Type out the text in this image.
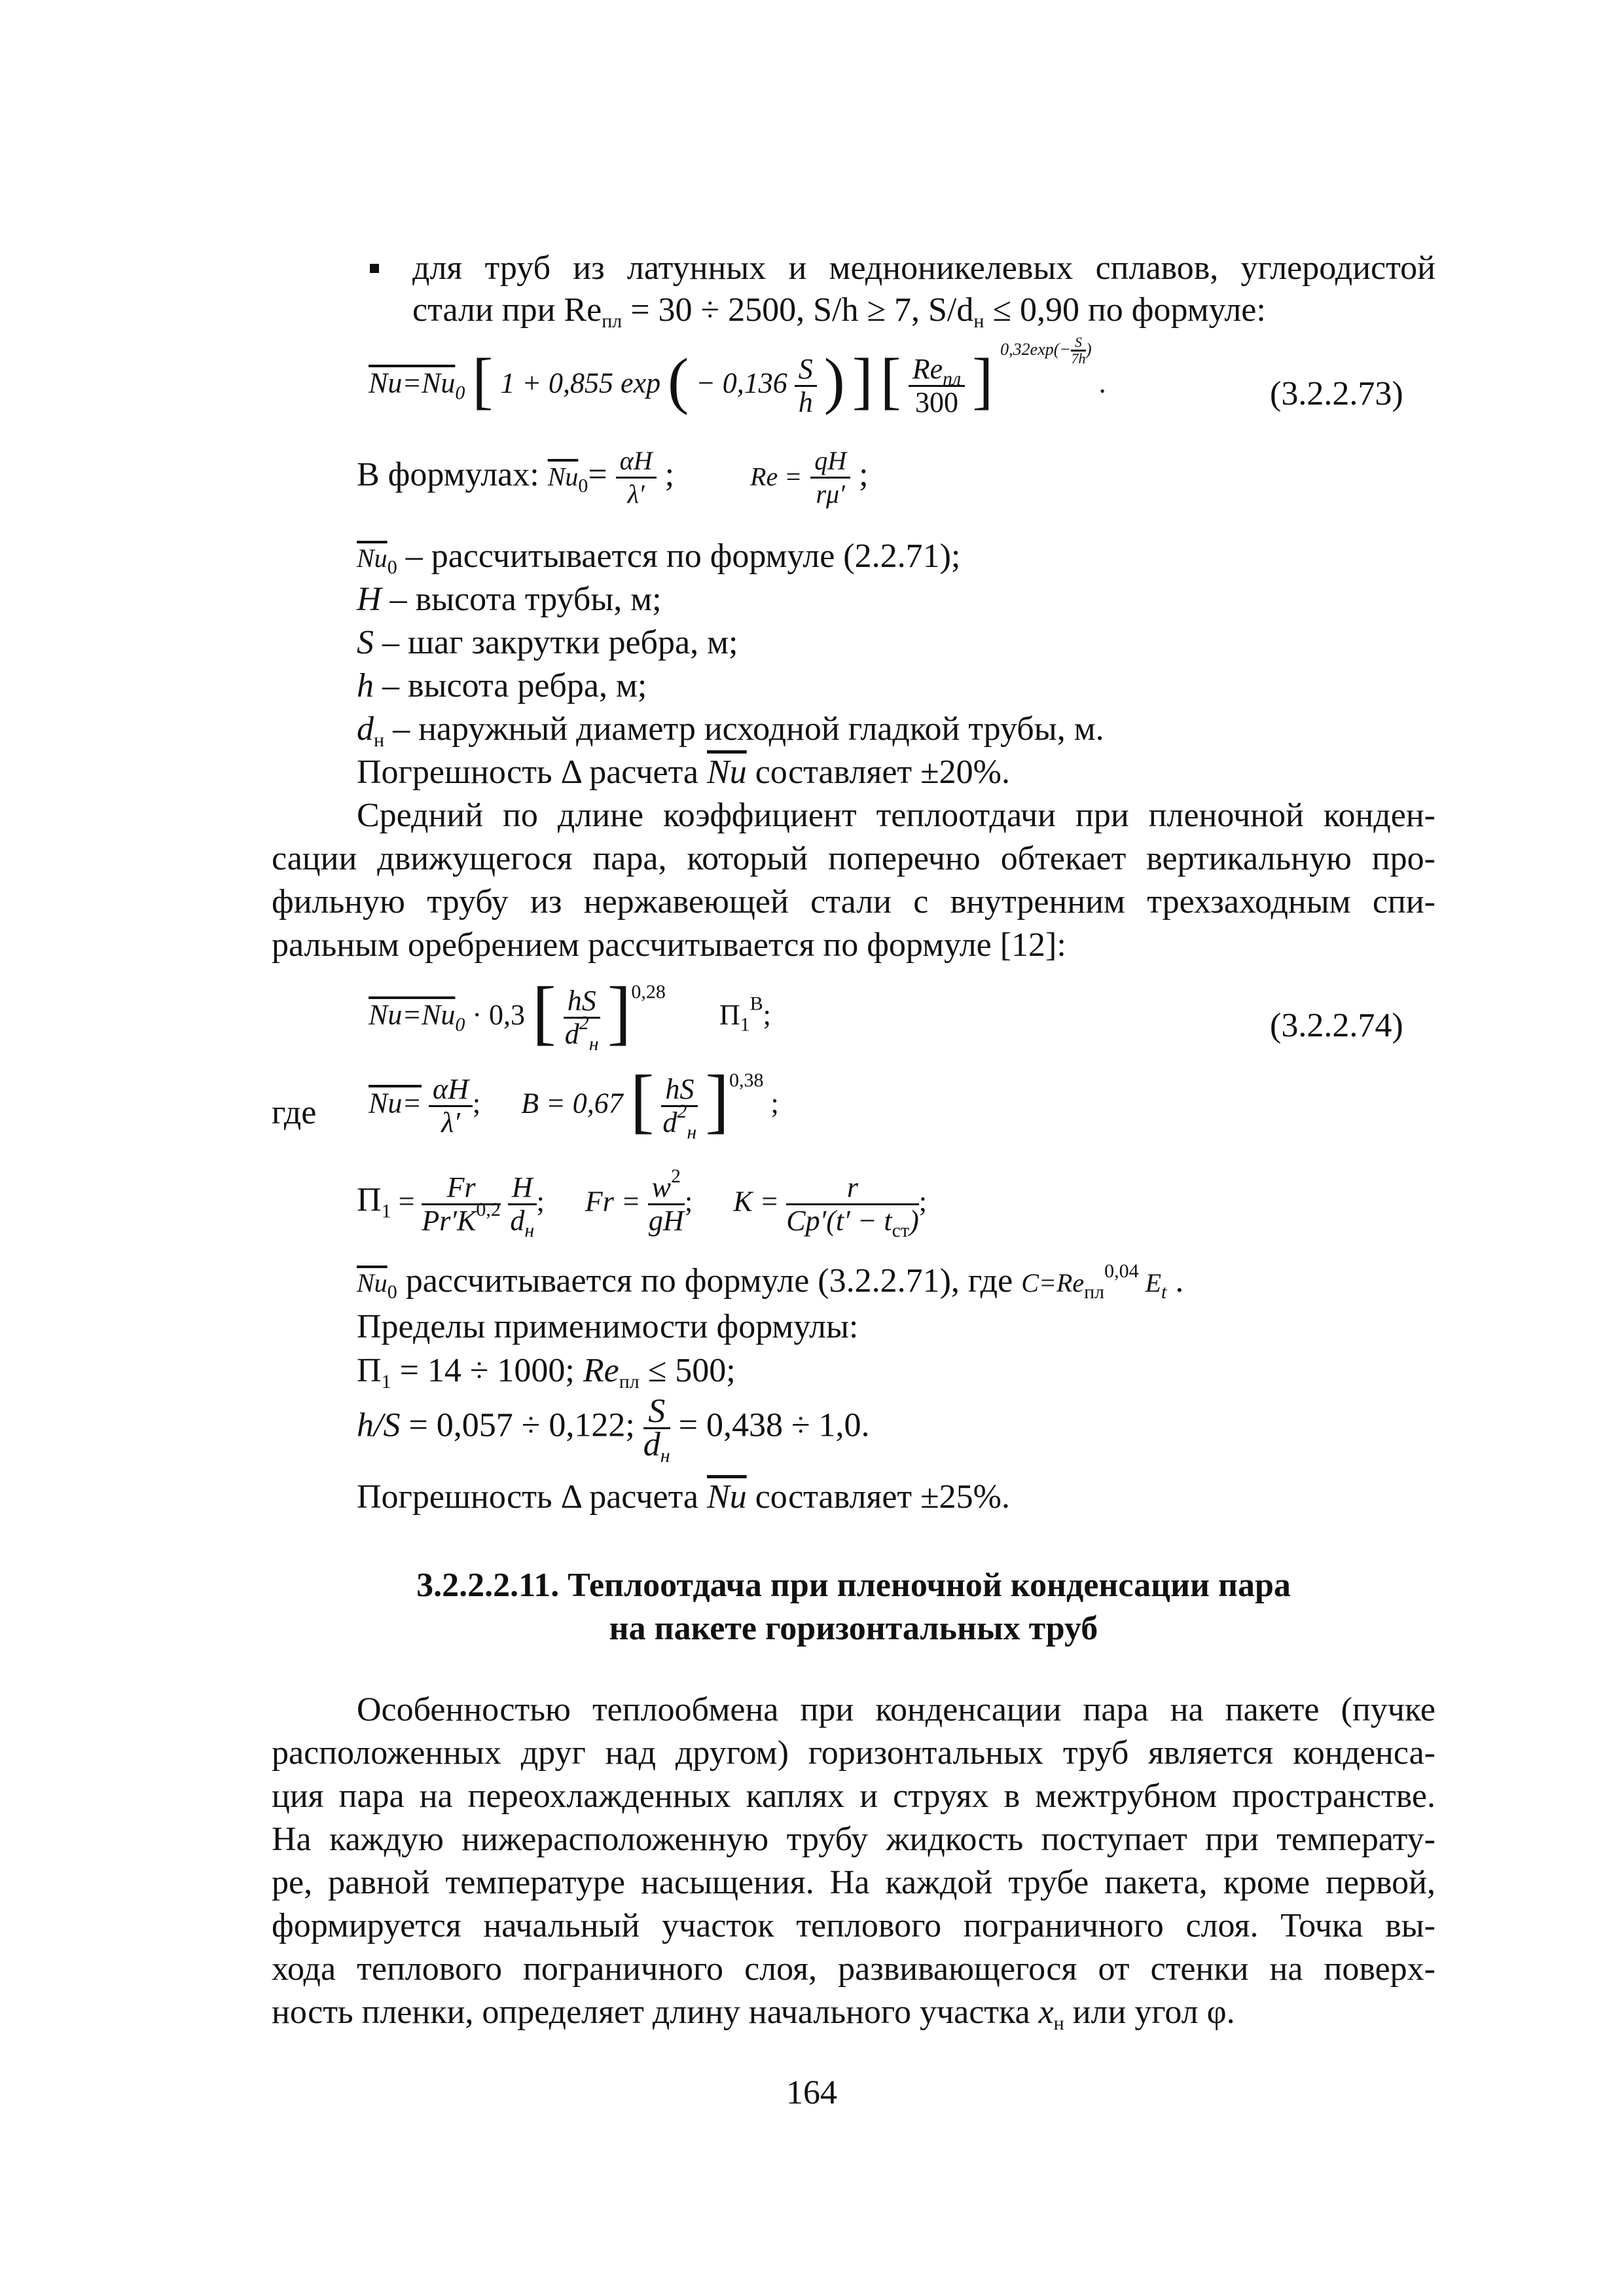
для труб из латунных и медноникелевых сплавов, углеродистой
стали при $Re_{пл} = 30 \div 2500$, S/h ≥ 7, $S/d_н \le 0,90$ по формуле:
$Nu=Nu_0$ [ 1 + 0,855 exp ( − $0,136 \frac{S}{h}$ ) ] [ $\frac{Re_{пл}}{300}$ ] $^{0,32exp(- \frac{S}{7h} )}$ .	(3.2.2.73)
В формулах: $\overline{Nu}_0= \frac{\alpha H}{\lambda'}$ ;	$Re = \frac{qH}{r\mu'}$ ;
$\overline{Nu}_0$ – рассчитывается по формуле (2.2.71);
H – высота трубы, м;
S – шаг закрутки ребра, м;
h – высота ребра, м;
$d_н$ – наружный диаметр исходной гладкой трубы, м.
Погрешность Δ расчета $\overline{Nu}$ составляет ±20%.
Средний по длине коэффициент теплоотдачи при пленочной конден-
сации движущегося пара, который поперечно обтекает вертикальную про-
фильную трубу из нержавеющей стали с внутренним трехзаходным спи-
ральным оребрением рассчитывается по формуле [12]:
$Nu=Nu_0 \cdot 0,3$ [ $\frac{hS}{d^2_н} ]^{0,28}$  $П_1^B$;	(3.2.2.74)
где $Nu= \frac{\alpha H}{\lambda'}$ ; B = 0,67 [ $\frac{hS}{d^2_н} ]^{0,38}$ ;
$П_1 = \frac{Fr}{Pr'K^{0,2}}$
$\frac{H}{d_н}$ ; $Fr = \frac{w^2}{gH}$ ; $K = \frac{r}{Cp'(t' - t_{ст})}$ ;
$\overline{Nu}_0$ рассчитывается по формуле (3.2.2.71), где $C=Re_{пл}^{0,04}$ $E_t$ .
Пределы применимости формулы:
$П_1 = 14 \div 1000$; $Re_{пл} \le 500$;
h/S = 0,057 ÷ 0,122; $\frac{S}{d_н} = 0,438 \div 1,0$.
Погрешность Δ расчета $\overline{Nu}$ составляет ±25%.
3.2.2.2.11. Теплоотдача при пленочной конденсации пара
на пакете горизонтальных труб
Особенностью теплообмена при конденсации пара на пакете (пучке
расположенных друг над другом) горизонтальных труб является конденса-
ция пара на переохлажденных каплях и струях в межтрубном пространстве.
На каждую нижерасположенную трубу жидкость поступает при температу-
ре, равной температуре насыщения. На каждой трубе пакета, кроме первой,
формируется начальный участок теплового пограничного слоя. Точка вы-
хода теплового пограничного слоя, развивающегося от стенки на поверх-
ность пленки, определяет длину начального участка $x_н$ или угол φ.
164
